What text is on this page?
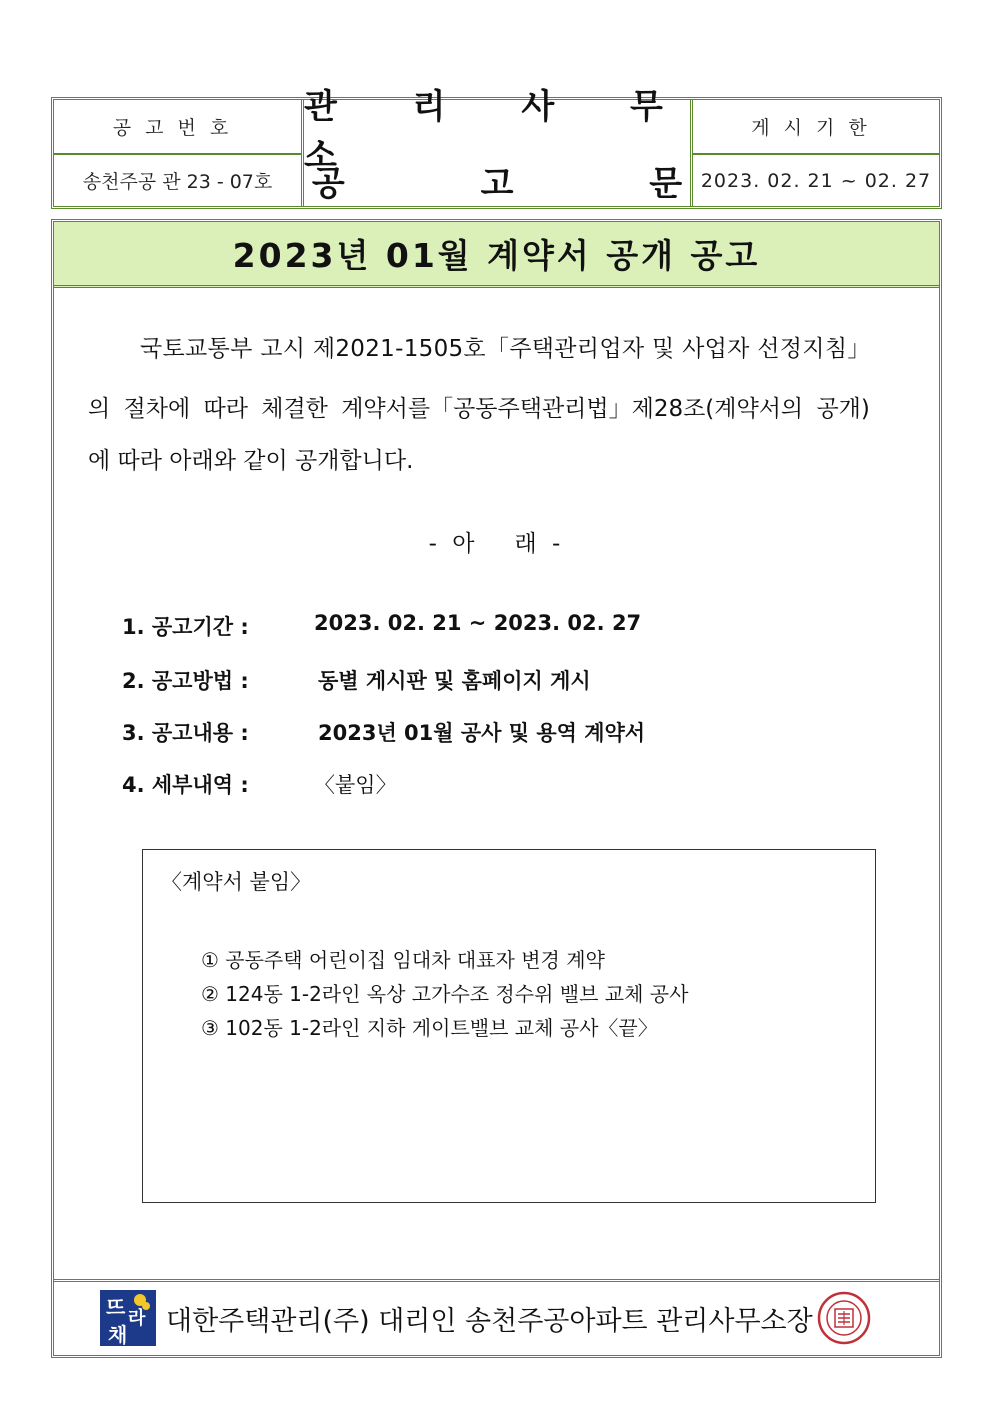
공고번호
송천주공 관 23 - 07호
관 리 사 무 소
공 고 문
게시기한
2023. 02. 21 ~ 02. 27
2023년 01월 계약서 공개 공고
국토교통부 고시 제2021-1505호「주택관리업자 및 사업자 선정지침」
의 절차에 따라 체결한 계약서를「공동주택관리법」제28조(계약서의 공개)
에 따라 아래와 같이 공개합니다.
- 아 래 -
1. 공고기간 :	2023. 02. 21 ~ 2023. 02. 27
2. 공고방법 :	동별 게시판 및 홈페이지 게시
3. 공고내용 :	2023년 01월 공사 및 용역 계약서
4. 세부내역 :	〈붙임〉
〈계약서 붙임〉
① 공동주택 어린이집 임대차 대표자 변경 계약
② 124동 1-2라인 옥상 고가수조 정수위 밸브 교체 공사
③ 102동 1-2라인 지하 게이트밸브 교체 공사〈끝〉
뜨 라
채 대한주택관리(주) 대리인 송천주공아파트 관리사무소장
